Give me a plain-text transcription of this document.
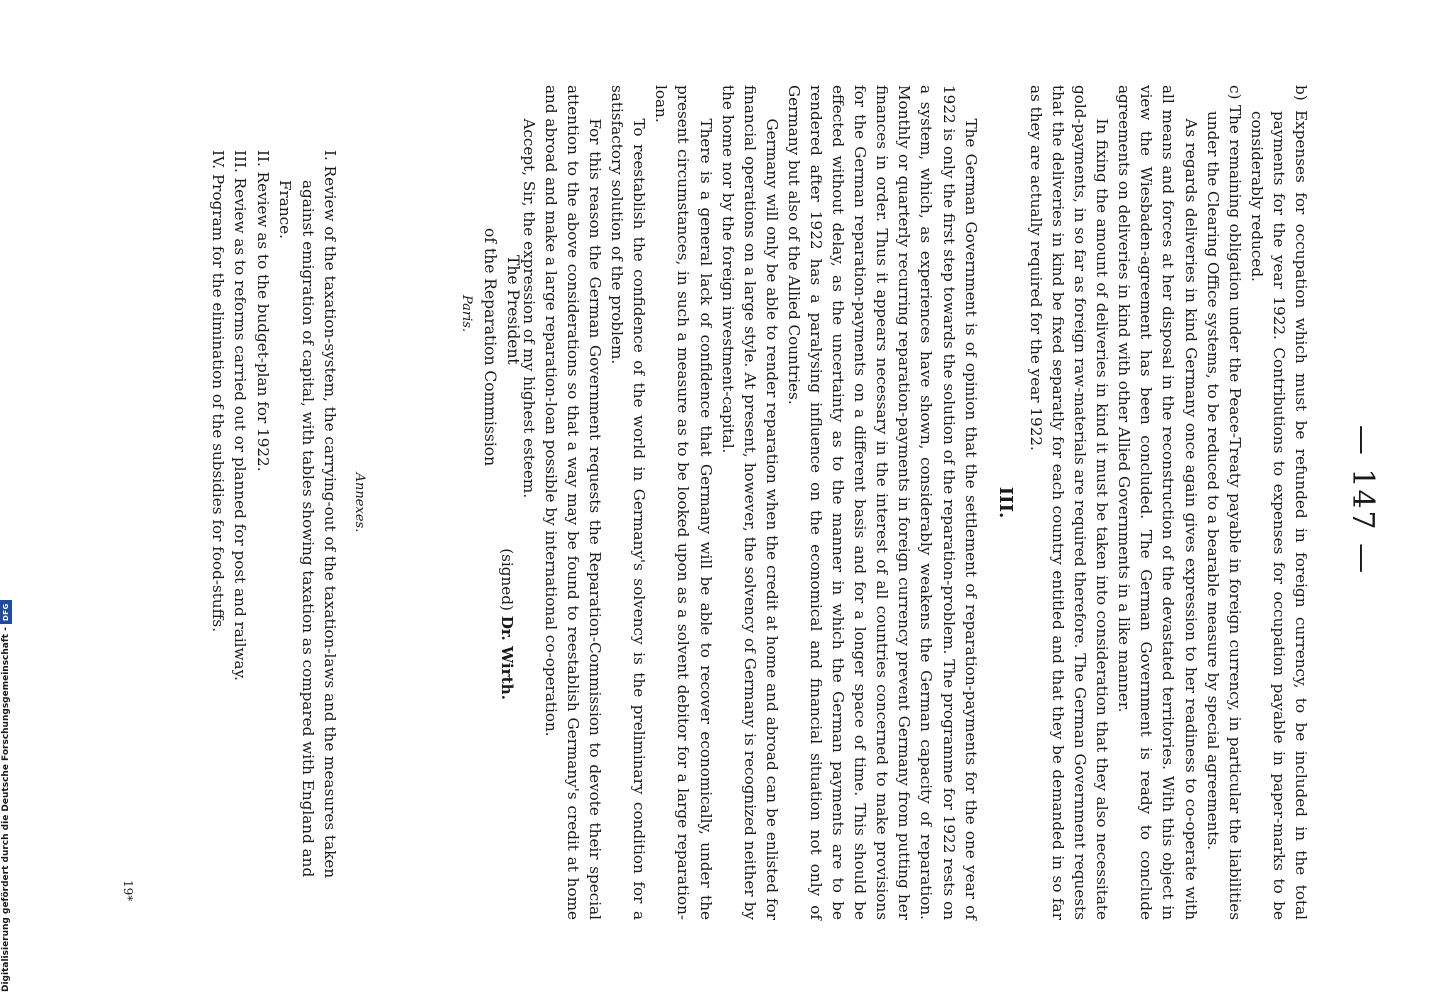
— 147 —

b) Expenses for occupation which must be refunded in foreign currency, to be included in the total payments for the year 1922. Contributions to expenses for occupation payable in paper-marks to be considerably reduced.

c) The remaining obligation under the Peace-Treaty payable in foreign currency, in particular the liabilities under the Clearing Office systems, to be reduced to a bearable measure by special agreements.

As regards deliveries in kind Germany once again gives expression to her readiness to co-operate with all means and forces at her disposal in the reconstruction of the devastated territories. With this object in view the Wiesbaden-agreement has been concluded. The German Government is ready to conclude agreements on deliveries in kind with other Allied Governments in a like manner.

In fixing the amount of deliveries in kind it must be taken into consideration that they also necessitate gold-payments, in so far as foreign raw-materials are required therefore. The German Government requests that the deliveries in kind be fixed separatly for each country entitled and that they be demanded in so far as they are actually required for the year 1922.

III.

The German Government is of opinion that the settlement of reparation-payments for the one year of 1922 is only the first step towards the solution of the reparation-problem. The programme for 1922 rests on a system, which, as experiences have shown, considerably weakens the German capacity of reparation. Monthly or quarterly recurring reparation-payments in foreign currency prevent Germany from putting her finances in order. Thus it appears necessary in the interest of all countries concerned to make provisions for the German reparation-payments on a different basis and for a longer space of time. This should be effected without delay, as the uncertainty as to the manner in which the German payments are to be rendered after 1922 has a paralysing influence on the economical and financial situation not only of Germany but also of the Allied Countries.

Germany will only be able to render reparation when the credit at home and abroad can be enlisted for financial operations on a large style. At present, however, the solvency of Germany is recognized neither by the home nor by the foreign investment-capital.

There is a general lack of confidence that Germany will be able to recover economically, under the present circumstances, in such a measure as to be looked upon as a solvent debitor for a large reparation-loan.

To reestablish the confidence of the world in Germany's solvency is the preliminary condition for a satisfactory solution of the problem.

For this reason the German Government requests the Reparation-Commission to devote their special attention to the above considerations so that a way may be found to reestablish Germany's credit at home and abroad and make a large reparation-loan possible by international co-operation.

Accept, Sir, the expression of my highest esteem.

(signed) Dr. Wirth.

The President

of the Reparation Commission

Paris.

Annexes.

I. Review of the taxation-system, the carrying-out of the taxation-laws and the measures taken against emigration of capital, with tables showing taxation as compared with England and France.

II. Review as to the budget-plan for 1922.

III. Review as to reforms carried out or planned for post and railway.

IV. Program for the elimination of the subsidies for food-stuffs.

19*
Digitalisierung gefördert durch die Deutsche Forschungsgemeinschaft -
DFG
